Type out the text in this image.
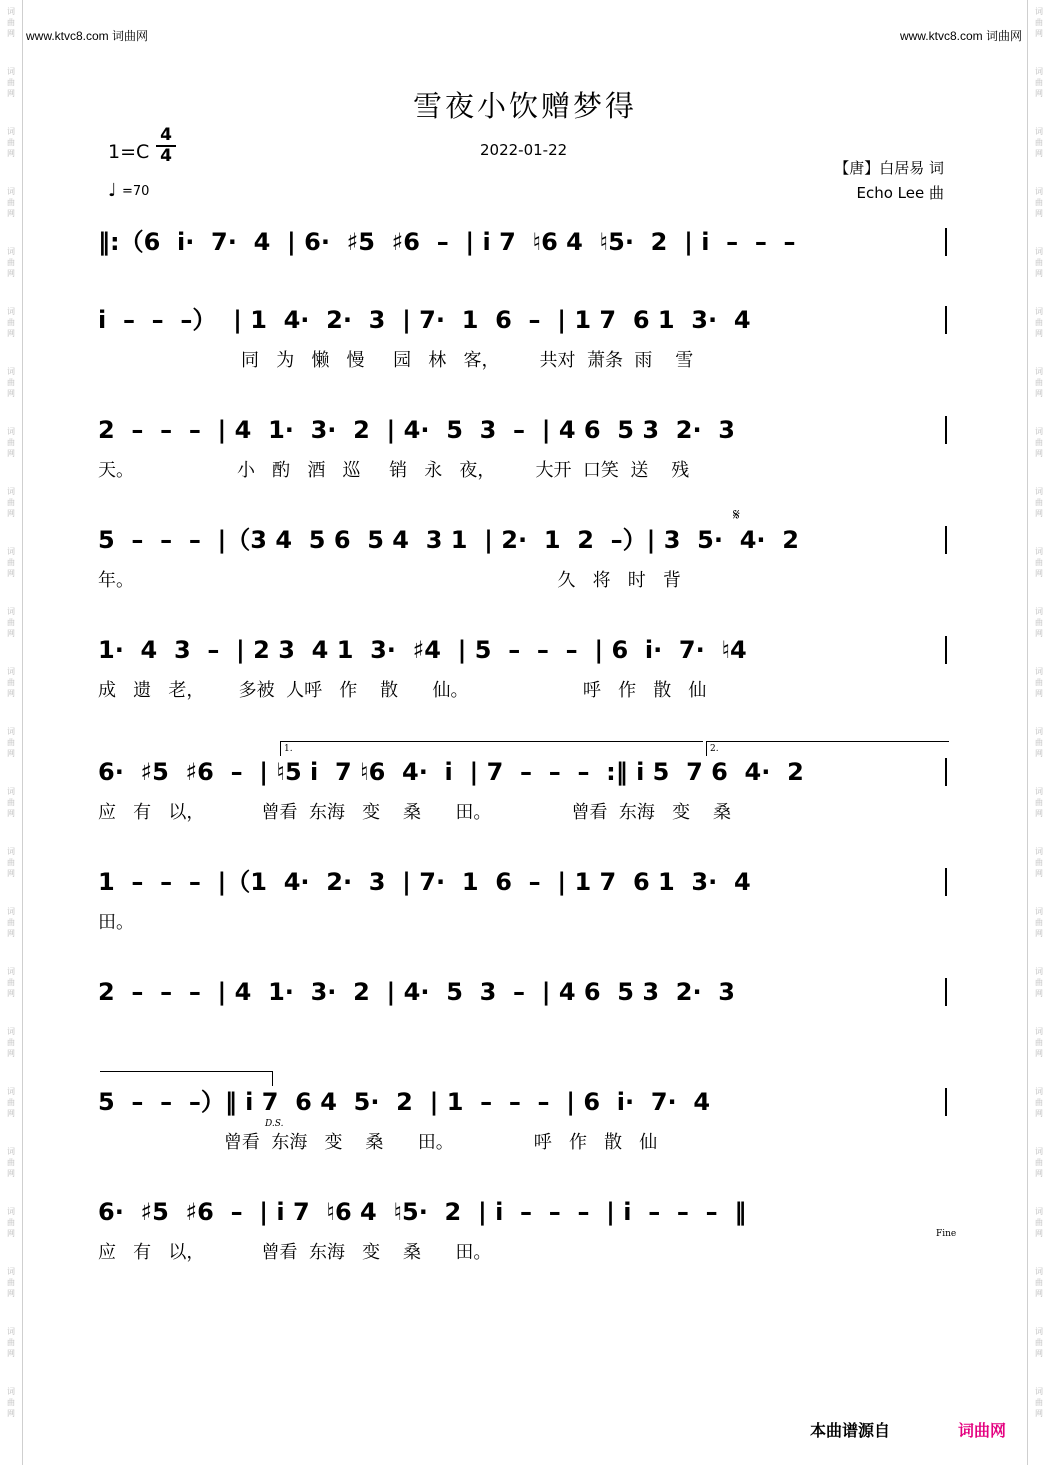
词
曲
网
词
曲
网
词
曲
网
词
曲
网
词
曲
网
词
曲
网
词
曲
网
词
曲
网
词
曲
网
词
曲
网
词
曲
网
词
曲
网
词
曲
网
词
曲
网
词
曲
网
词
曲
网
词
曲
网
词
曲
网
词
曲
网
词
曲
网
词
曲
网
词
曲
网
词
曲
网
词
曲
网
词
曲
网
词
曲
网
词
曲
网
词
曲
网
词
曲
网
词
曲
网
词
曲
网
词
曲
网
词
曲
网
词
曲
网
词
曲
网
词
曲
网
词
曲
网
词
曲
网
词
曲
网
词
曲
网
词
曲
网
词
曲
网
词
曲
网
词
曲
网
词
曲
网
词
曲
网
词
曲
网
词
曲
网
www.ktvc8.com 词曲网	www.ktvc8.com 词曲网
雪夜小饮赠梦得
2022-01-22
1=C
4
4
♩ =70
【唐】白居易 词
Echo Lee 曲
‖:（6  i·  7·  4  | 6·  ♯5  ♯6  –  | i 7  ♮6 4  ♮5·  2  | i  –  –  –
i  –  –  –）  | 1  4·  2·  3  | 7·  1  6  –  | 1 7  6 1  3·  4
同   为   懒   慢     园   林   客，       共对  萧条  雨    雪
2  –  –  –  | 4  1·  3·  2  | 4·  5  3  –  | 4 6  5 3  2·  3
天。                  小   酌   酒   巡     销   永   夜，       大开  口笑  送    残
5  –  –  –  |（3 4  5 6  5 4  3 1  | 2·  1  2  –）| 3  5·  4·  2
年。                                                                          久   将   时   背
𝄋
1·  4  3  –  | 2 3  4 1  3·  ♯4  | 5  –  –  –  | 6  i·  7·  ♮4
成   遗   老，      多被  人呼   作    散      仙。                    呼   作   散   仙
1.	2.
6·  ♯5  ♯6  –  | ♮5 i  7 ♮6  4·  i  | 7  –  –  –  :‖ i 5  7 6  4·  2
应   有   以，          曾看  东海   变    桑      田。              曾看  东海   变    桑
1  –  –  –  |（1  4·  2·  3  | 7·  1  6  –  | 1 7  6 1  3·  4
田。
2  –  –  –  | 4  1·  3·  2  | 4·  5  3  –  | 4 6  5 3  2·  3
5  –  –  –）‖ i 7  6 4  5·  2  | 1  –  –  –  | 6  i·  7·  4
曾看  东海   变    桑      田。              呼   作   散   仙
D.S.
6·  ♯5  ♯6  –  | i 7  ♮6 4  ♮5·  2  | i  –  –  –  | i  –  –  –  ‖
应   有   以，          曾看  东海   变    桑      田。
Fine
本曲谱源自	词曲网
